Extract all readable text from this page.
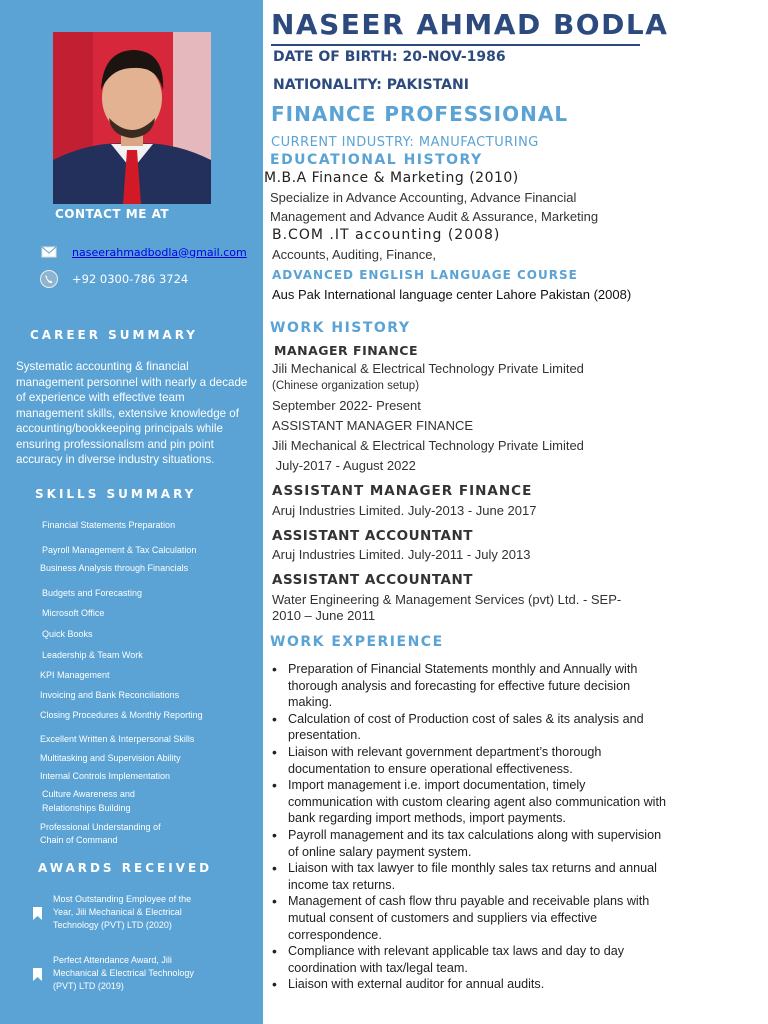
CONTACT ME AT
naseerahmadbodla@gmail.com
+92 0300-786 3724
CAREER SUMMARY
Systematic accounting & financial management personnel with nearly a decade of experience with effective team management skills, extensive knowledge of accounting/bookkeeping principals while ensuring professionalism and pin point accuracy in diverse industry situations.
SKILLS SUMMARY
Financial Statements Preparation
Payroll Management & Tax Calculation
Business Analysis through Financials
Budgets and Forecasting
Microsoft Office
Quick Books
Leadership & Team Work
KPI Management
Invoicing and Bank Reconciliations
Closing Procedures & Monthly Reporting
Excellent Written & Interpersonal Skills
Multitasking and Supervision Ability
Internal Controls Implementation
Culture Awareness and
Relationships Building
Professional Understanding of
Chain of Command
AWARDS RECEIVED
Most Outstanding Employee of the Year, Jili Mechanical & Electrical Technology (PVT) LTD (2020)
Perfect Attendance Award, Jili Mechanical & Electrical Technology (PVT) LTD (2019)
NASEER AHMAD BODLA
DATE OF BIRTH: 20-NOV-1986
NATIONALITY: PAKISTANI
FINANCE PROFESSIONAL
CURRENT INDUSTRY: MANUFACTURING
EDUCATIONAL HISTORY
M.B.A Finance & Marketing (2010)
Specialize in Advance Accounting, Advance Financial
Management and Advance Audit & Assurance, Marketing
B.COM .IT accounting (2008)
Accounts, Auditing, Finance,
ADVANCED ENGLISH LANGUAGE COURSE
Aus Pak International language center Lahore Pakistan (2008)
WORK HISTORY
MANAGER FINANCE
Jili Mechanical & Electrical Technology Private Limited
(Chinese organization setup)
September 2022- Present
ASSISTANT MANAGER FINANCE
Jili Mechanical & Electrical Technology Private Limited
July-2017 - August 2022
ASSISTANT MANAGER FINANCE
Aruj Industries Limited. July-2013 - June 2017
ASSISTANT ACCOUNTANT
Aruj Industries Limited. July-2011 - July 2013
ASSISTANT ACCOUNTANT
Water Engineering & Management Services (pvt) Ltd. - SEP-
2010 – June 2011
WORK EXPERIENCE
• Preparation of Financial Statements monthly and Annually with thorough analysis and forecasting for effective future decision making.
• Calculation of cost of Production cost of sales & its analysis and presentation.
• Liaison with relevant government department’s thorough documentation to ensure operational effectiveness.
• Import management i.e. import documentation, timely communication with custom clearing agent also communication with bank regarding import methods, import payments.
• Payroll management and its tax calculations along with supervision of online salary payment system.
• Liaison with tax lawyer to file monthly sales tax returns and annual income tax returns.
• Management of cash flow thru payable and receivable plans with mutual consent of customers and suppliers via effective correspondence.
• Compliance with relevant applicable tax laws and day to day coordination with tax/legal team.
• Liaison with external auditor for annual audits.
